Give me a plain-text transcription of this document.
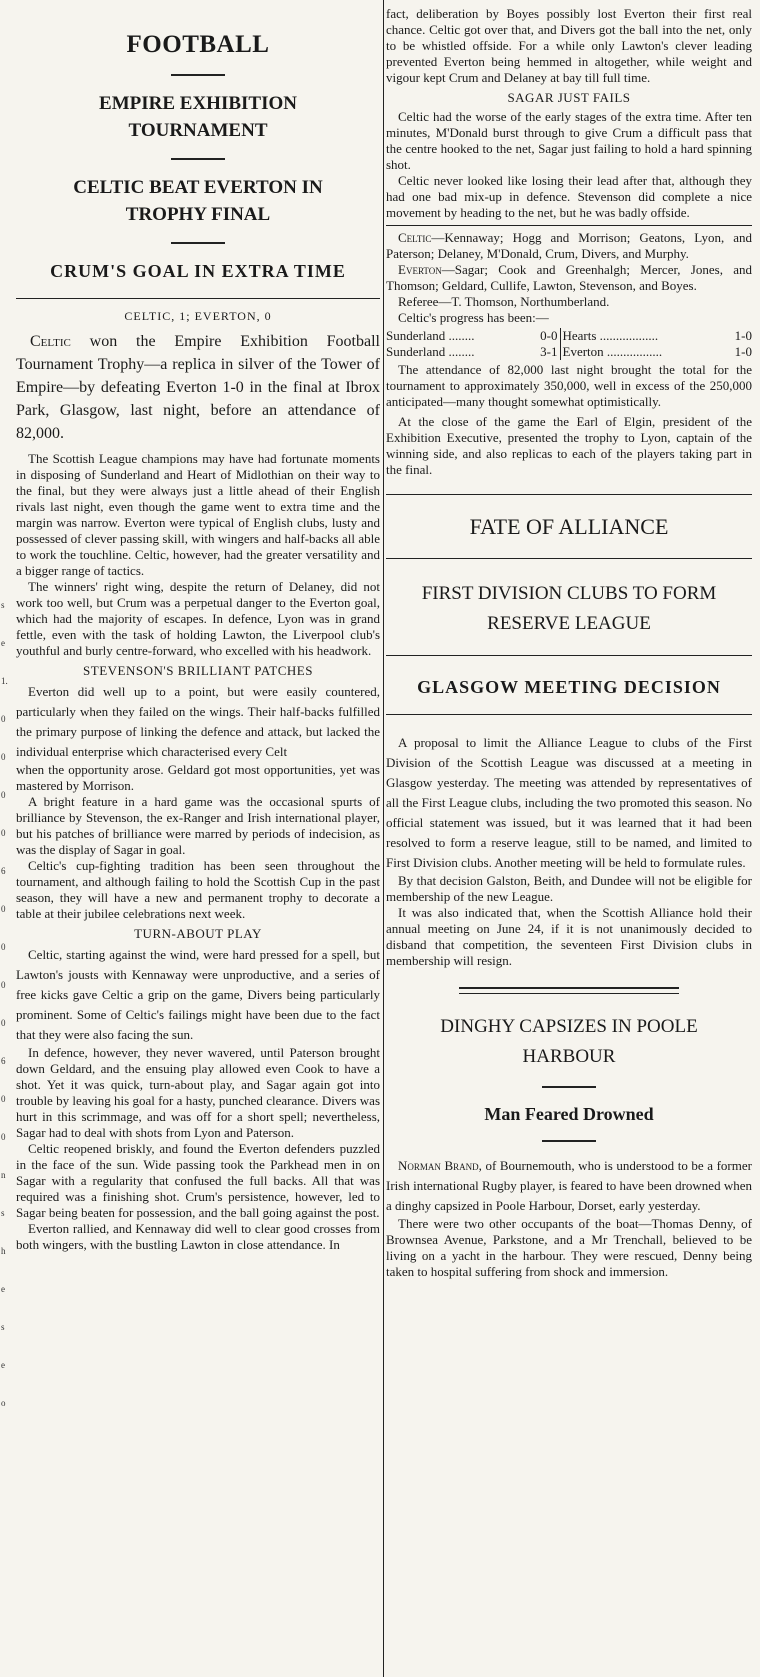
s
e
1.
0
0
0
0
6
0
0
0
0
6
0
0
n
s
h
e
s
e
o
FOOTBALL
EMPIRE EXHIBITION TOURNAMENT
CELTIC BEAT EVERTON IN TROPHY FINAL
CRUM'S GOAL IN EXTRA TIME
CELTIC, 1; EVERTON, 0

Celtic won the Empire Exhibition Football Tournament Trophy—a replica in silver of the Tower of Empire—by defeating Everton 1-0 in the final at Ibrox Park, Glasgow, last night, before an attendance of 82,000.

The Scottish League champions may have had fortunate moments in disposing of Sunderland and Heart of Midlothian on their way to the final, but they were always just a little ahead of their English rivals last night, even though the game went to extra time and the margin was narrow. Everton were typical of English clubs, lusty and possessed of clever passing skill, with wingers and half-backs all able to work the touchline. Celtic, however, had the greater versatility and a bigger range of tactics.

The winners' right wing, despite the return of Delaney, did not work too well, but Crum was a perpetual danger to the Everton goal, which had the majority of escapes. In defence, Lyon was in grand fettle, even with the task of holding Lawton, the Liverpool club's youthful and burly centre-forward, who excelled with his headwork.

STEVENSON'S BRILLIANT PATCHES

Everton did well up to a point, but were easily countered, particularly when they failed on the wings. Their half-backs fulfilled the primary purpose of linking the defence and attack, but lacked the individual enterprise which characterised every Celt

when the opportunity arose. Geldard got most opportunities, yet was mastered by Morrison.

A bright feature in a hard game was the occasional spurts of brilliance by Stevenson, the ex-Ranger and Irish international player, but his patches of brilliance were marred by periods of indecision, as was the display of Sagar in goal.

Celtic's cup-fighting tradition has been seen throughout the tournament, and although failing to hold the Scottish Cup in the past season, they will have a new and permanent trophy to decorate a table at their jubilee celebrations next week.

TURN-ABOUT PLAY

Celtic, starting against the wind, were hard pressed for a spell, but Lawton's jousts with Kennaway were unproductive, and a series of free kicks gave Celtic a grip on the game, Divers being particularly prominent. Some of Celtic's failings might have been due to the fact that they were also facing the sun.

In defence, however, they never wavered, until Paterson brought down Geldard, and the ensuing play allowed even Cook to have a shot. Yet it was quick, turn-about play, and Sagar again got into trouble by leaving his goal for a hasty, punched clearance. Divers was hurt in this scrimmage, and was off for a short spell; nevertheless, Sagar had to deal with shots from Lyon and Paterson.

Celtic reopened briskly, and found the Everton defenders puzzled in the face of the sun. Wide passing took the Parkhead men in on Sagar with a regularity that confused the full backs. All that was required was a finishing shot. Crum's persistence, however, led to Sagar being beaten for possession, and the ball going against the post.

Everton rallied, and Kennaway did well to clear good crosses from both wingers, with the bustling Lawton in close attendance. In

fact, deliberation by Boyes possibly lost Everton their first real chance. Celtic got over that, and Divers got the ball into the net, only to be whistled offside. For a while only Lawton's clever leading prevented Everton being hemmed in altogether, while weight and vigour kept Crum and Delaney at bay till full time.

SAGAR JUST FAILS

Celtic had the worse of the early stages of the extra time. After ten minutes, M'Donald burst through to give Crum a difficult pass that the centre hooked to the net, Sagar just failing to hold a hard spinning shot.

Celtic never looked like losing their lead after that, although they had one bad mix-up in defence. Stevenson did complete a nice movement by heading to the net, but he was badly offside.

Celtic—Kennaway; Hogg and Morrison; Geatons, Lyon, and Paterson; Delaney, M'Donald, Crum, Divers, and Murphy.

Everton—Sagar; Cook and Greenhalgh; Mercer, Jones, and Thomson; Geldard, Cullife, Lawton, Stevenson, and Boyes.

Referee—T. Thomson, Northumberland.

Celtic's progress has been:—

Sunderland ........	0-0	Hearts ..................	1-0
Sunderland ........	3-1	Everton .................	1-0

The attendance of 82,000 last night brought the total for the tournament to approximately 350,000, well in excess of the 250,000 anticipated—many thought somewhat optimistically.

At the close of the game the Earl of Elgin, president of the Exhibition Executive, presented the trophy to Lyon, captain of the winning side, and also replicas to each of the players taking part in the final.

FATE OF ALLIANCE
FIRST DIVISION CLUBS TO FORM RESERVE LEAGUE
GLASGOW MEETING DECISION

A proposal to limit the Alliance League to clubs of the First Division of the Scottish League was discussed at a meeting in Glasgow yesterday. The meeting was attended by representatives of all the First League clubs, including the two promoted this season. No official statement was issued, but it was learned that it had been resolved to form a reserve league, still to be named, and limited to First Division clubs. Another meeting will be held to formulate rules.

By that decision Galston, Beith, and Dundee will not be eligible for membership of the new League.

It was also indicated that, when the Scottish Alliance hold their annual meeting on June 24, if it is not unanimously decided to disband that competition, the seventeen First Division clubs in membership will resign.

DINGHY CAPSIZES IN POOLE HARBOUR
Man Feared Drowned

Norman Brand, of Bournemouth, who is understood to be a former Irish international Rugby player, is feared to have been drowned when a dinghy capsized in Poole Harbour, Dorset, early yesterday.

There were two other occupants of the boat—Thomas Denny, of Brownsea Avenue, Parkstone, and a Mr Trenchall, believed to be living on a yacht in the harbour. They were rescued, Denny being taken to hospital suffering from shock and immersion.
